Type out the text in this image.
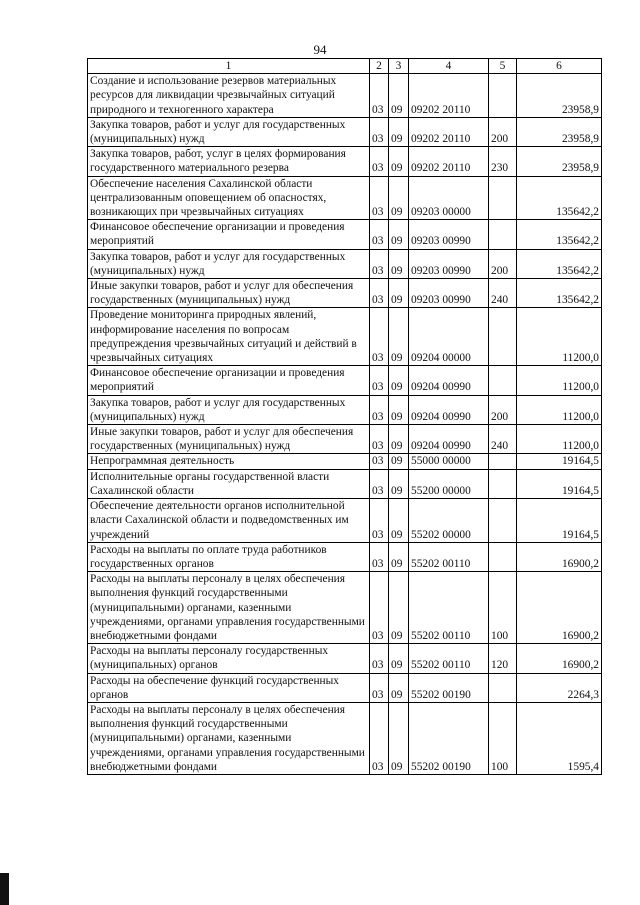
94
1	2	3	4	5	6
Создание и использование резервов материальных ресурсов для ликвидации чрезвычайных ситуаций природного и техногенного характера	03	09	09202 20110		23958,9
Закупка товаров, работ и услуг для государственных (муниципальных) нужд	03	09	09202 20110	200	23958,9
Закупка товаров, работ, услуг в целях формирования государственного материального резерва	03	09	09202 20110	230	23958,9
Обеспечение населения Сахалинской области централизованным оповещением об опасностях, возникающих при чрезвычайных ситуациях	03	09	09203 00000		135642,2
Финансовое обеспечение организации и проведения мероприятий	03	09	09203 00990		135642,2
Закупка товаров, работ и услуг для государственных (муниципальных) нужд	03	09	09203 00990	200	135642,2
Иные закупки товаров, работ и услуг для обеспечения государственных (муниципальных) нужд	03	09	09203 00990	240	135642,2
Проведение мониторинга природных явлений, информирование населения по вопросам предупреждения чрезвычайных ситуаций и действий в чрезвычайных ситуациях	03	09	09204 00000		11200,0
Финансовое обеспечение организации и проведения мероприятий	03	09	09204 00990		11200,0
Закупка товаров, работ и услуг для государственных (муниципальных) нужд	03	09	09204 00990	200	11200,0
Иные закупки товаров, работ и услуг для обеспечения государственных (муниципальных) нужд	03	09	09204 00990	240	11200,0
Непрограммная деятельность	03	09	55000 00000		19164,5
Исполнительные органы государственной власти Сахалинской области	03	09	55200 00000		19164,5
Обеспечение деятельности органов исполнительной власти Сахалинской области и подведомственных им учреждений	03	09	55202 00000		19164,5
Расходы на выплаты по оплате труда работников государственных органов	03	09	55202 00110		16900,2
Расходы на выплаты персоналу в целях обеспечения выполнения функций государственными (муниципальными) органами, казенными учреждениями, органами управления государственными внебюджетными фондами	03	09	55202 00110	100	16900,2
Расходы на выплаты персоналу государственных (муниципальных) органов	03	09	55202 00110	120	16900,2
Расходы на обеспечение функций государственных органов	03	09	55202 00190		2264,3
Расходы на выплаты персоналу в целях обеспечения выполнения функций государственными (муниципальными) органами, казенными учреждениями, органами управления государственными внебюджетными фондами	03	09	55202 00190	100	1595,4
